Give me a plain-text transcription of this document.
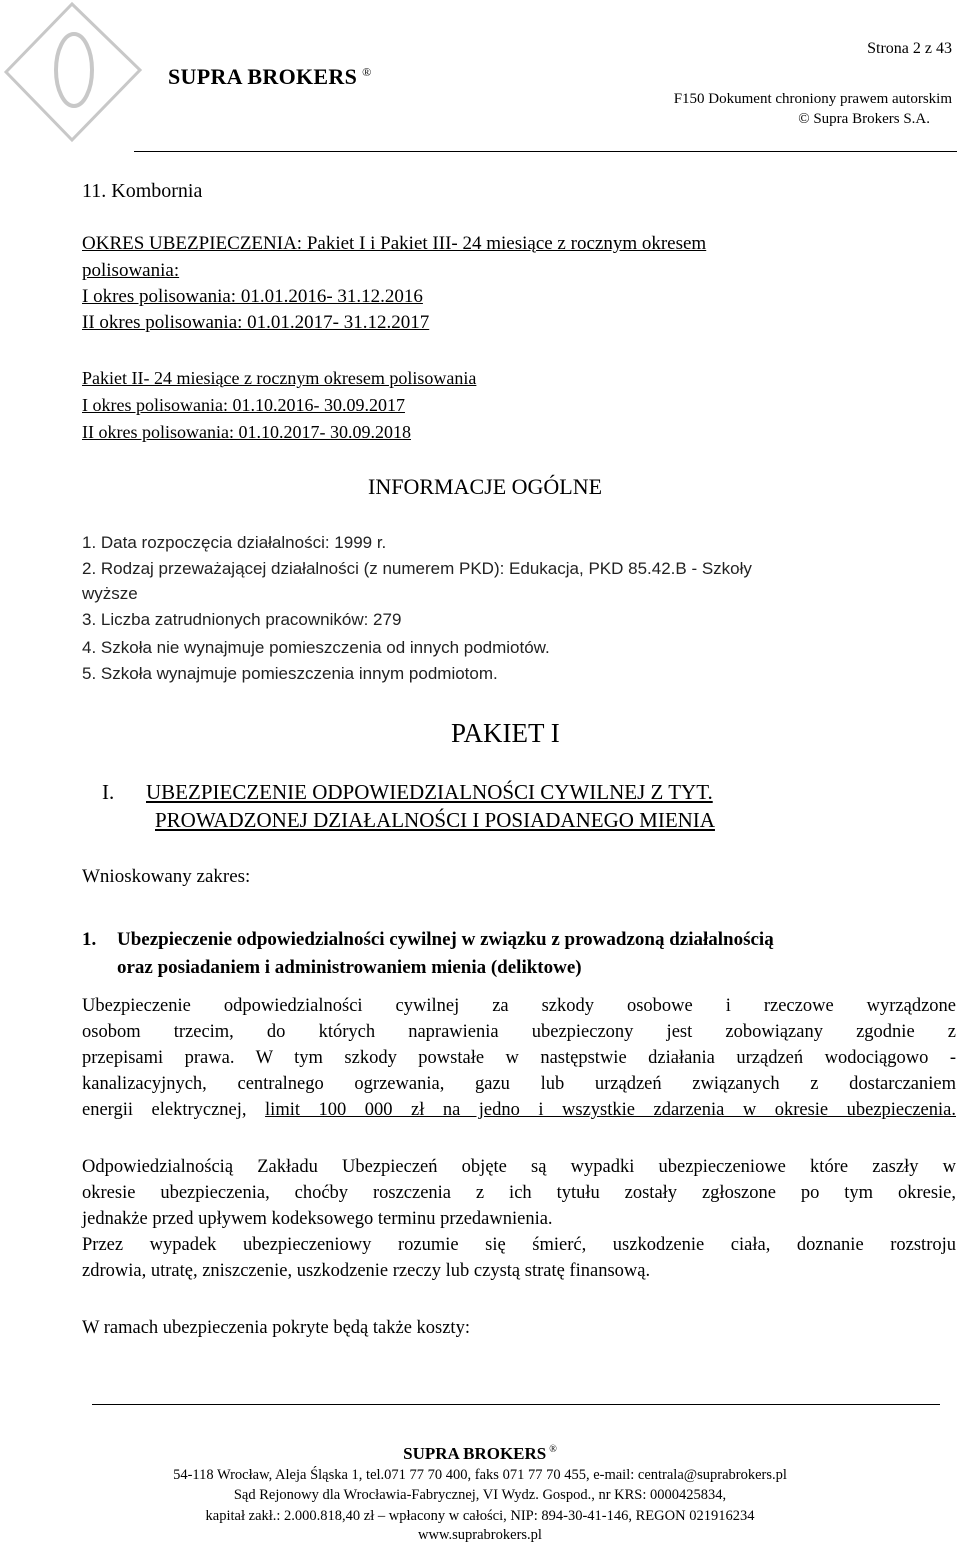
SUPRA BROKERS ®
Strona 2 z 43
F150 Dokument chroniony prawem autorskim
© Supra Brokers S.A.
11. Kombornia
OKRES UBEZPIECZENIA: Pakiet I i Pakiet III- 24 miesiące z rocznym okresem
polisowania:
I okres polisowania: 01.01.2016- 31.12.2016
II okres polisowania: 01.01.2017- 31.12.2017
Pakiet II- 24 miesiące z rocznym okresem polisowania
I okres polisowania: 01.10.2016- 30.09.2017
II okres polisowania: 01.10.2017- 30.09.2018
INFORMACJE OGÓLNE
1. Data rozpoczęcia działalności: 1999 r.
2. Rodzaj przeważającej działalności (z numerem PKD): Edukacja, PKD 85.42.B - Szkoły
wyższe
3. Liczba zatrudnionych pracowników: 279
4. Szkoła nie wynajmuje pomieszczenia od innych podmiotów.
5. Szkoła wynajmuje pomieszczenia innym podmiotom.
PAKIET I
I. UBEZPIECZENIE ODPOWIEDZIALNOŚCI CYWILNEJ Z TYT.
PROWADZONEJ DZIAŁALNOŚCI I POSIADANEGO MIENIA
Wnioskowany zakres:
1. Ubezpieczenie odpowiedzialności cywilnej w związku z prowadzoną działalnością
oraz posiadaniem i administrowaniem mienia (deliktowe)
Ubezpieczenie odpowiedzialności cywilnej za szkody osobowe i rzeczowe wyrządzone
osobom trzecim, do których naprawienia ubezpieczony jest zobowiązany zgodnie z
przepisami prawa. W tym szkody powstałe w następstwie działania urządzeń wodociągowo -
kanalizacyjnych, centralnego ogrzewania, gazu lub urządzeń związanych z dostarczaniem
energii elektrycznej, limit 100 000 zł na jedno i wszystkie zdarzenia w okresie ubezpieczenia.
Odpowiedzialnością Zakładu Ubezpieczeń objęte są wypadki ubezpieczeniowe które zaszły w
okresie ubezpieczenia, choćby roszczenia z ich tytułu zostały zgłoszone po tym okresie,
jednakże przed upływem kodeksowego terminu przedawnienia.
Przez wypadek ubezpieczeniowy rozumie się śmierć, uszkodzenie ciała, doznanie rozstroju
zdrowia, utratę, zniszczenie, uszkodzenie rzeczy lub czystą stratę finansową.
W ramach ubezpieczenia pokryte będą także koszty:
SUPRA BROKERS ®
54-118 Wrocław, Aleja Śląska 1, tel.071 77 70 400, faks 071 77 70 455, e-mail: centrala@suprabrokers.pl
Sąd Rejonowy dla Wrocławia-Fabrycznej, VI Wydz. Gospod., nr KRS: 0000425834,
kapitał zakł.: 2.000.818,40 zł – wpłacony w całości, NIP: 894-30-41-146, REGON 021916234
www.suprabrokers.pl
